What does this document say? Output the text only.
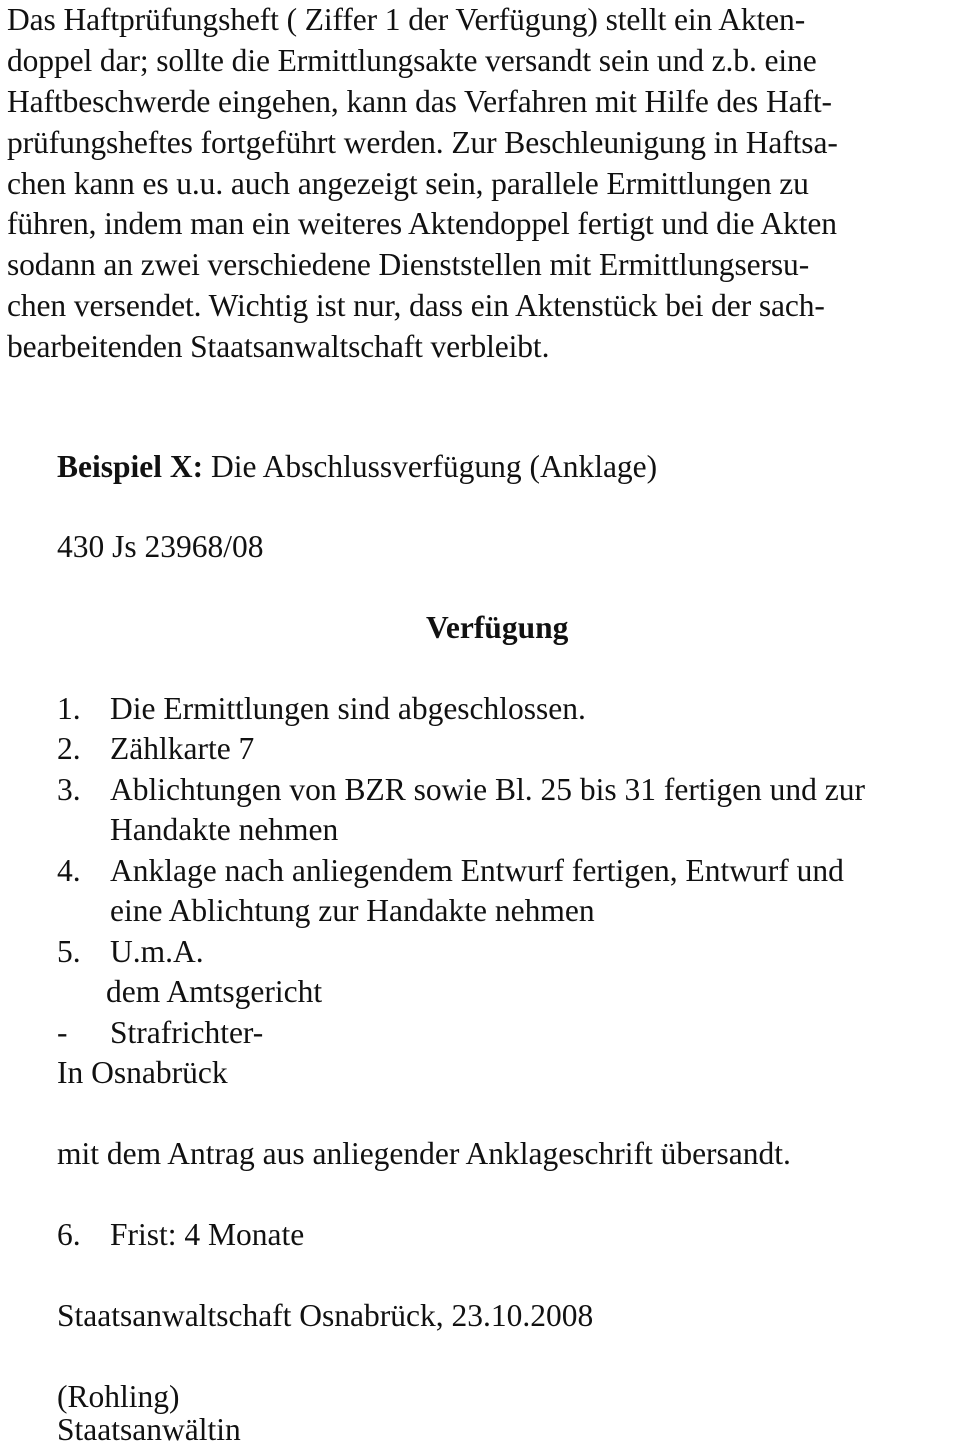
Das Haftprüfungsheft ( Ziffer 1 der Verfügung) stellt ein Akten-
doppel dar; sollte die Ermittlungsakte versandt sein und z.b. eine
Haftbeschwerde eingehen, kann das Verfahren mit Hilfe des Haft-
prüfungsheftes fortgeführt werden. Zur Beschleunigung in Haftsa-
chen kann es u.u. auch angezeigt sein, parallele Ermittlungen zu
führen, indem man ein weiteres Aktendoppel fertigt und die Akten
sodann an zwei verschiedene Dienststellen mit Ermittlungsersu-
chen versendet. Wichtig ist nur, dass ein Aktenstück bei der sach-
bearbeitenden Staatsanwaltschaft verbleibt.
Beispiel X: Die Abschlussverfügung (Anklage)
430 Js 23968/08
Verfügung
1. Die Ermittlungen sind abgeschlossen.
2. Zählkarte 7
3. Ablichtungen von BZR sowie Bl. 25 bis 31 fertigen und zur
Handakte nehmen
4. Anklage nach anliegendem Entwurf fertigen, Entwurf und
eine Ablichtung zur Handakte nehmen
5. U.m.A.
dem Amtsgericht
- Strafrichter-
In Osnabrück
mit dem Antrag aus anliegender Anklageschrift übersandt.
6. Frist: 4 Monate
Staatsanwaltschaft Osnabrück, 23.10.2008
(Rohling)
Staatsanwältin
